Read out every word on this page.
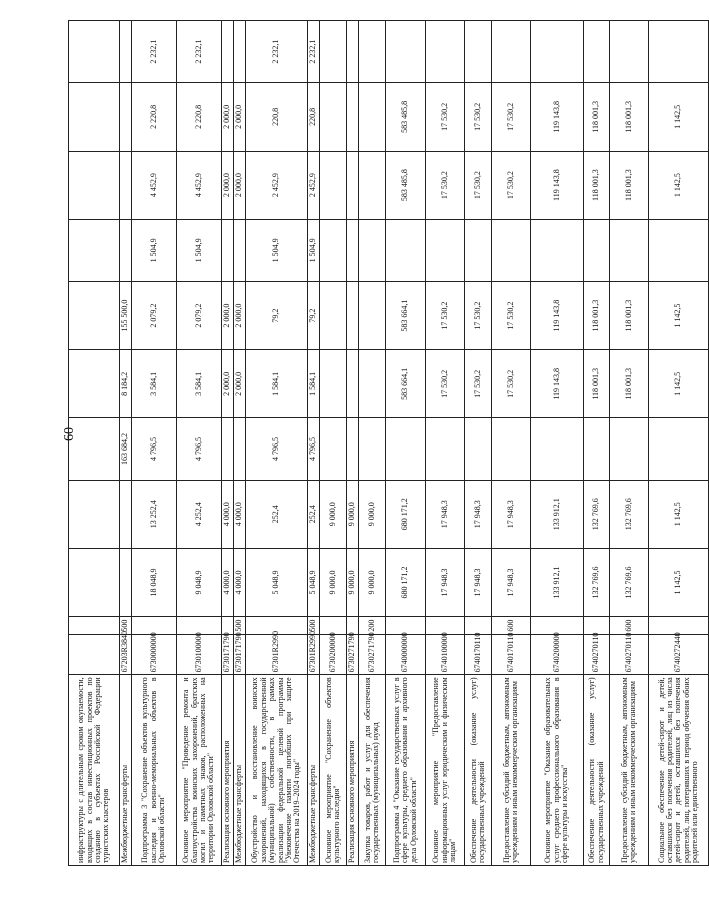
60
инфраструктуры с длительным сроком окупаемости, входящих в состав инвестиционных проектов по созданию в субъектах Российской Федерации туристских кластеров											
Межбюджетные трансферты	67203R3840	500			163 684,2	8 184,2	155 500,0				
Подпрограмма 3 "Сохранение объектов культурного наследия и военно-мемориальных объектов в Орловской области"	6730000000		18 048,9	13 252,4	4 796,5	3 584,1	2 079,2	1 504,9	4 452,9	2 220,8	2 232,1
Основное мероприятие "Проведение ремонта и благоустройства воинских захоронений, братских могил и памятных знаков, расположенных на территории Орловской области"	6730100000		9 048,9	4 252,4	4 796,5	3 584,1	2 079,2	1 504,9	4 452,9	2 220,8	2 232,1
Реализация основного мероприятия	6730171790		4 000,0	4 000,0		2 000,0	2 000,0		2 000,0	2 000,0	
Межбюджетные трансферты	6730171790	500	4 000,0	4 000,0		2 000,0	2 000,0		2 000,0	2 000,0	
Обустройство и восстановление воинских захоронений, находящихся в государственной (муниципальной) собственности, в рамках реализации федеральной целевой программы "Увековечение памяти погибших при защите Отечества на 2019–2024 годы"	67301R2990		5 048,9	252,4	4 796,5	1 584,1	79,2	1 504,9	2 452,9	220,8	2 232,1
Межбюджетные трансферты	67301R2990	500	5 048,9	252,4	4 796,5	1 584,1	79,2	1 504,9	2 452,9	220,8	2 232,1
Основное мероприятие "Сохранение объектов культурного наследия"	6730200000		9 000,0	9 000,0							
Реализация основного мероприятия	6730271790		9 000,0	9 000,0							
Закупка товаров, работ и услуг для обеспечения государственных (муниципальных) нужд	6730271790	200	9 000,0	9 000,0							
Подпрограмма 4 "Оказание государственных услуг в сфере культуры, среднего образования и архивного дела Орловской области"	6740000000		680 171,2	680 171,2		583 664,1	583 664,1		583 485,8	583 485,8	
Основное мероприятие "Предоставление информационных услуг юридическим и физическим лицам"	6740100000		17 948,3	17 948,3		17 530,2	17 530,2		17 530,2	17 530,2	
Обеспечение деятельности (оказание услуг) государственных учреждений	6740170110		17 948,3	17 948,3		17 530,2	17 530,2		17 530,2	17 530,2	
Предоставление субсидий бюджетным, автономным учреждениям и иным некоммерческим организациям	6740170110	600	17 948,3	17 948,3		17 530,2	17 530,2		17 530,2	17 530,2	
Основное мероприятие "Оказание образовательных услуг среднего профессионального образования в сфере культуры и искусства"	6740200000		133 912,1	133 912,1		119 143,8	119 143,8		119 143,8	119 143,8	
Обеспечение деятельности (оказание услуг) государственных учреждений	6740270110		132 769,6	132 769,6		118 001,3	118 001,3		118 001,3	118 001,3	
Предоставление субсидий бюджетным, автономным учреждениям и иным некоммерческим организациям	6740270110	600	132 769,6	132 769,6		118 001,3	118 001,3		118 001,3	118 001,3	
Социальное обеспечение детей-сирот и детей, оставшихся без попечения родителей, лиц из числа детей-сирот и детей, оставшихся без попечения родителей, лиц, потерявших в период обучения обоих родителей или единственного	6740272440		1 142,5	1 142,5		1 142,5	1 142,5		1 142,5	1 142,5	
